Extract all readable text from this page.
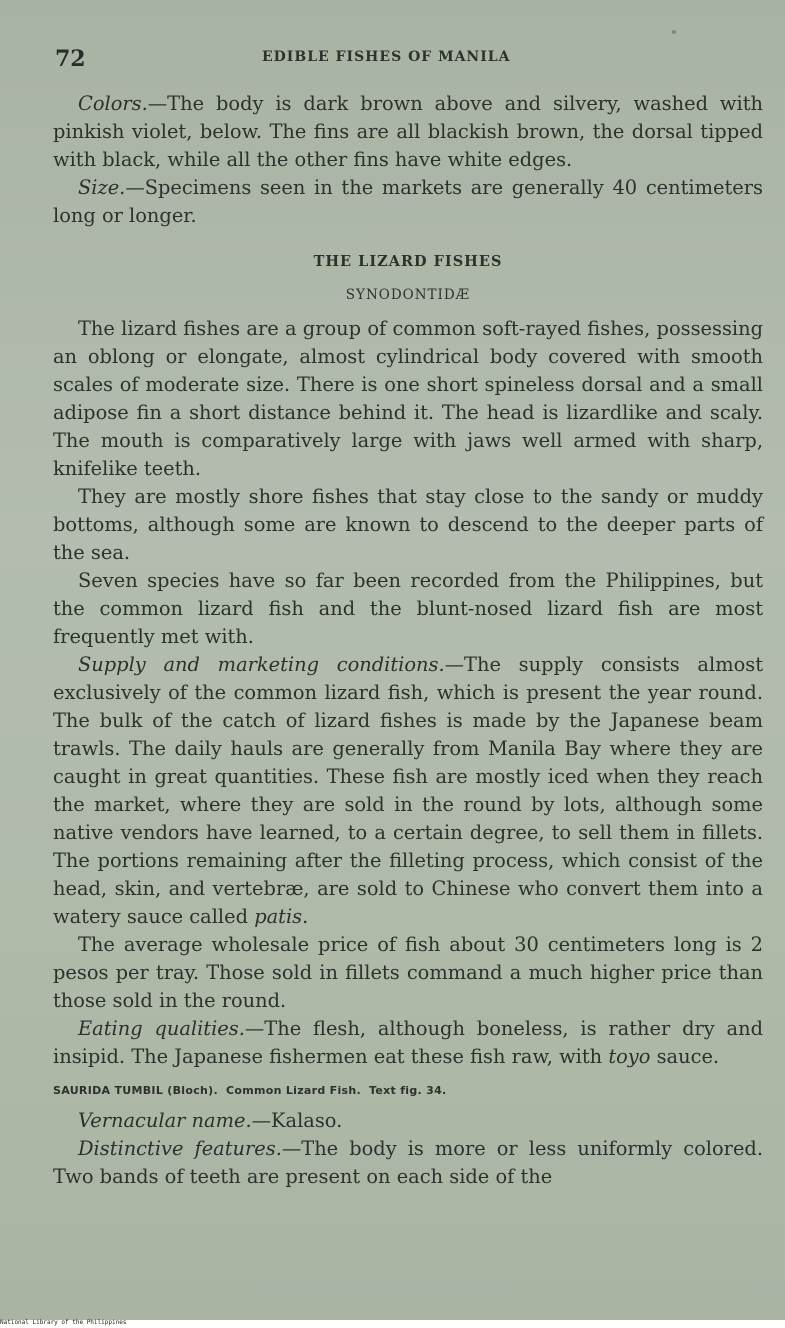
72	EDIBLE FISHES OF MANILA

Colors.—The body is dark brown above and silvery, washed with pinkish violet, below. The fins are all blackish brown, the dorsal tipped with black, while all the other fins have white edges.

Size.—Specimens seen in the markets are generally 40 centimeters long or longer.

THE LIZARD FISHES
SYNODONTIDÆ

The lizard fishes are a group of common soft-rayed fishes, possessing an oblong or elongate, almost cylindrical body covered with smooth scales of moderate size. There is one short spineless dorsal and a small adipose fin a short distance behind it. The head is lizardlike and scaly. The mouth is comparatively large with jaws well armed with sharp, knifelike teeth.

They are mostly shore fishes that stay close to the sandy or muddy bottoms, although some are known to descend to the deeper parts of the sea.

Seven species have so far been recorded from the Philippines, but the common lizard fish and the blunt-nosed lizard fish are most frequently met with.

Supply and marketing conditions.—The supply consists almost exclusively of the common lizard fish, which is present the year round. The bulk of the catch of lizard fishes is made by the Japanese beam trawls. The daily hauls are generally from Manila Bay where they are caught in great quantities. These fish are mostly iced when they reach the market, where they are sold in the round by lots, although some native vendors have learned, to a certain degree, to sell them in fillets. The portions remaining after the filleting process, which consist of the head, skin, and vertebræ, are sold to Chinese who convert them into a watery sauce called patis.

The average wholesale price of fish about 30 centimeters long is 2 pesos per tray. Those sold in fillets command a much higher price than those sold in the round.

Eating qualities.—The flesh, although boneless, is rather dry and insipid. The Japanese fishermen eat these fish raw, with toyo sauce.

SAURIDA TUMBIL (Bloch). Common Lizard Fish. Text fig. 34.

Vernacular name.—Kalaso.

Distinctive features.—The body is more or less uniformly colored. Two bands of teeth are present on each side of the

National Library of the Philippines
